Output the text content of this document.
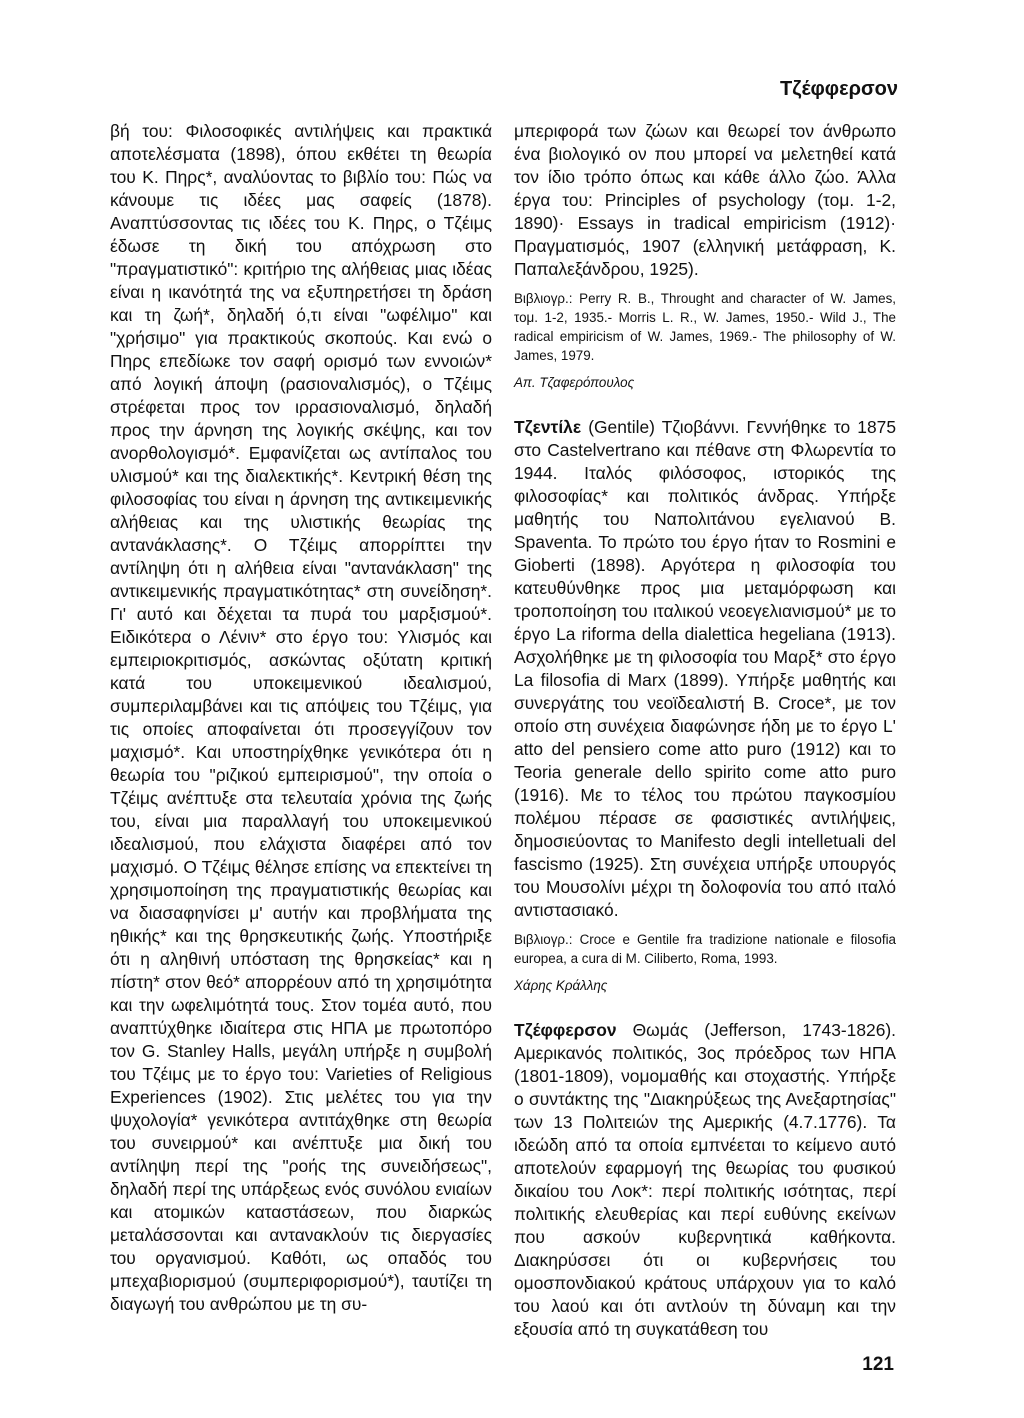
Τζέφφερσον

βή του: Φιλοσοφικές αντιλήψεις και πρακτικά αποτελέσματα (1898), όπου εκθέτει τη θεωρία του Κ. Πηρς*, αναλύοντας το βιβλίο του: Πώς να κάνουμε τις ιδέες μας σαφείς (1878). Αναπτύσσοντας τις ιδέες του Κ. Πηρς, ο Τζέιμς έδωσε τη δική του απόχρωση στο "πραγματιστικό": κριτήριο της αλήθειας μιας ιδέας είναι η ικανότητά της να εξυπηρετήσει τη δράση και τη ζωή*, δηλαδή ό,τι είναι "ωφέλιμο" και "χρήσιμο" για πρακτικούς σκοπούς. Και ενώ ο Πηρς επεδίωκε τον σαφή ορισμό των εννοιών* από λογική άποψη (ρασιοναλισμός), ο Τζέιμς στρέφεται προς τον ιρρασιοναλισμό, δηλαδή προς την άρνηση της λογικής σκέψης, και τον ανορθολογισμό*. Εμφανίζεται ως αντίπαλος του υλισμού* και της διαλεκτικής*. Κεντρική θέση της φιλοσοφίας του είναι η άρνηση της αντικειμενικής αλήθειας και της υλιστικής θεωρίας της αντανάκλασης*. Ο Τζέιμς απορρίπτει την αντίληψη ότι η αλήθεια είναι "αντανάκλαση" της αντικειμενικής πραγματικότητας* στη συνείδηση*. Γι' αυτό και δέχεται τα πυρά του μαρξισμού*. Ειδικότερα ο Λένιν* στο έργο του: Υλισμός και εμπειριοκριτισμός, ασκώντας οξύτατη κριτική κατά του υποκειμενικού ιδεαλισμού, συμπεριλαμβάνει και τις απόψεις του Τζέιμς, για τις οποίες αποφαίνεται ότι προσεγγίζουν τον μαχισμό*. Και υποστηρίχθηκε γενικότερα ότι η θεωρία του "ριζικού εμπειρισμού", την οποία ο Τζέιμς ανέπτυξε στα τελευταία χρόνια της ζωής του, είναι μια παραλλαγή του υποκειμενικού ιδεαλισμού, που ελάχιστα διαφέρει από τον μαχισμό. Ο Τζέιμς θέλησε επίσης να επεκτείνει τη χρησιμοποίηση της πραγματιστικής θεωρίας και να διασαφηνίσει μ' αυτήν και προβλήματα της ηθικής* και της θρησκευτικής ζωής. Υποστήριξε ότι η αληθινή υπόσταση της θρησκείας* και η πίστη* στον θεό* απορρέουν από τη χρησιμότητα και την ωφελιμότητά τους. Στον τομέα αυτό, που αναπτύχθηκε ιδιαίτερα στις ΗΠΑ με πρωτοπόρο τον G. Stanley Halls, μεγάλη υπήρξε η συμβολή του Τζέιμς με το έργο του: Varieties of Religious Experiences (1902). Στις μελέτες του για την ψυχολογία* γενικότερα αντιτάχθηκε στη θεωρία του συνειρμού* και ανέπτυξε μια δική του αντίληψη περί της "ροής της συνειδήσεως", δηλαδή περί της υπάρξεως ενός συνόλου ενιαίων και ατομικών καταστάσεων, που διαρκώς μεταλάσσονται και αντανακλούν τις διεργασίες του οργανισμού. Καθότι, ως οπαδός του μπεχαβιορισμού (συμπεριφορισμού*), ταυτίζει τη διαγωγή του ανθρώπου με τη συ-

μπεριφορά των ζώων και θεωρεί τον άνθρωπο ένα βιολογικό ον που μπορεί να μελετηθεί κατά τον ίδιο τρόπο όπως και κάθε άλλο ζώο. Άλλα έργα του: Principles of psychology (τομ. 1-2, 1890)· Essays in tradical empiricism (1912)· Πραγματισμός, 1907 (ελληνική μετάφραση, Κ. Παπαλεξάνδρου, 1925).

Βιβλιογρ.: Perry R. B., Throught and character of W. James, τομ. 1-2, 1935.- Morris L. R., W. James, 1950.- Wild J., The radical empiricism of W. James, 1969.- The philosophy of W. James, 1979.

Απ. Τζαφερόπουλος

Τζεντίλε (Gentile) Τζιοβάννι. Γεννήθηκε το 1875 στο Castelvertrano και πέθανε στη Φλωρεντία το 1944. Ιταλός φιλόσοφος, ιστορικός της φιλοσοφίας* και πολιτικός άνδρας. Υπήρξε μαθητής του Ναπολιτάνου εγελιανού B. Spaventa. Το πρώτο του έργο ήταν το Rosmini e Gioberti (1898). Αργότερα η φιλοσοφία του κατευθύνθηκε προς μια μεταμόρφωση και τροποποίηση του ιταλικού νεοεγελιανισμού* με το έργο La riforma della dialettica hegeliana (1913). Ασχολήθηκε με τη φιλοσοφία του Μαρξ* στο έργο La filosofia di Marx (1899). Υπήρξε μαθητής και συνεργάτης του νεοϊδεαλιστή B. Croce*, με τον οποίο στη συνέχεια διαφώνησε ήδη με το έργο L' atto del pensiero come atto puro (1912) και το Teoria generale dello spirito come atto puro (1916). Με το τέλος του πρώτου παγκοσμίου πολέμου πέρασε σε φασιστικές αντιλήψεις, δημοσιεύοντας το Manifesto degli intelletuali del fascismo (1925). Στη συνέχεια υπήρξε υπουργός του Μουσολίνι μέχρι τη δολοφονία του από ιταλό αντιστασιακό.

Βιβλιογρ.: Croce e Gentile fra tradizione nationale e filosofia europea, a cura di M. Ciliberto, Roma, 1993.

Χάρης Κράλλης

Τζέφφερσον Θωμάς (Jefferson, 1743-1826). Αμερικανός πολιτικός, 3ος πρόεδρος των ΗΠΑ (1801-1809), νομομαθής και στοχαστής. Υπήρξε ο συντάκτης της "Διακηρύξεως της Ανεξαρτησίας" των 13 Πολιτειών της Αμερικής (4.7.1776). Τα ιδεώδη από τα οποία εμπνέεται το κείμενο αυτό αποτελούν εφαρμογή της θεωρίας του φυσικού δικαίου του Λοκ*: περί πολιτικής ισότητας, περί πολιτικής ελευθερίας και περί ευθύνης εκείνων που ασκούν κυβερνητικά καθήκοντα. Διακηρύσσει ότι οι κυβερνήσεις του ομοσπονδιακού κράτους υπάρχουν για το καλό του λαού και ότι αντλούν τη δύναμη και την εξουσία από τη συγκατάθεση του

121
